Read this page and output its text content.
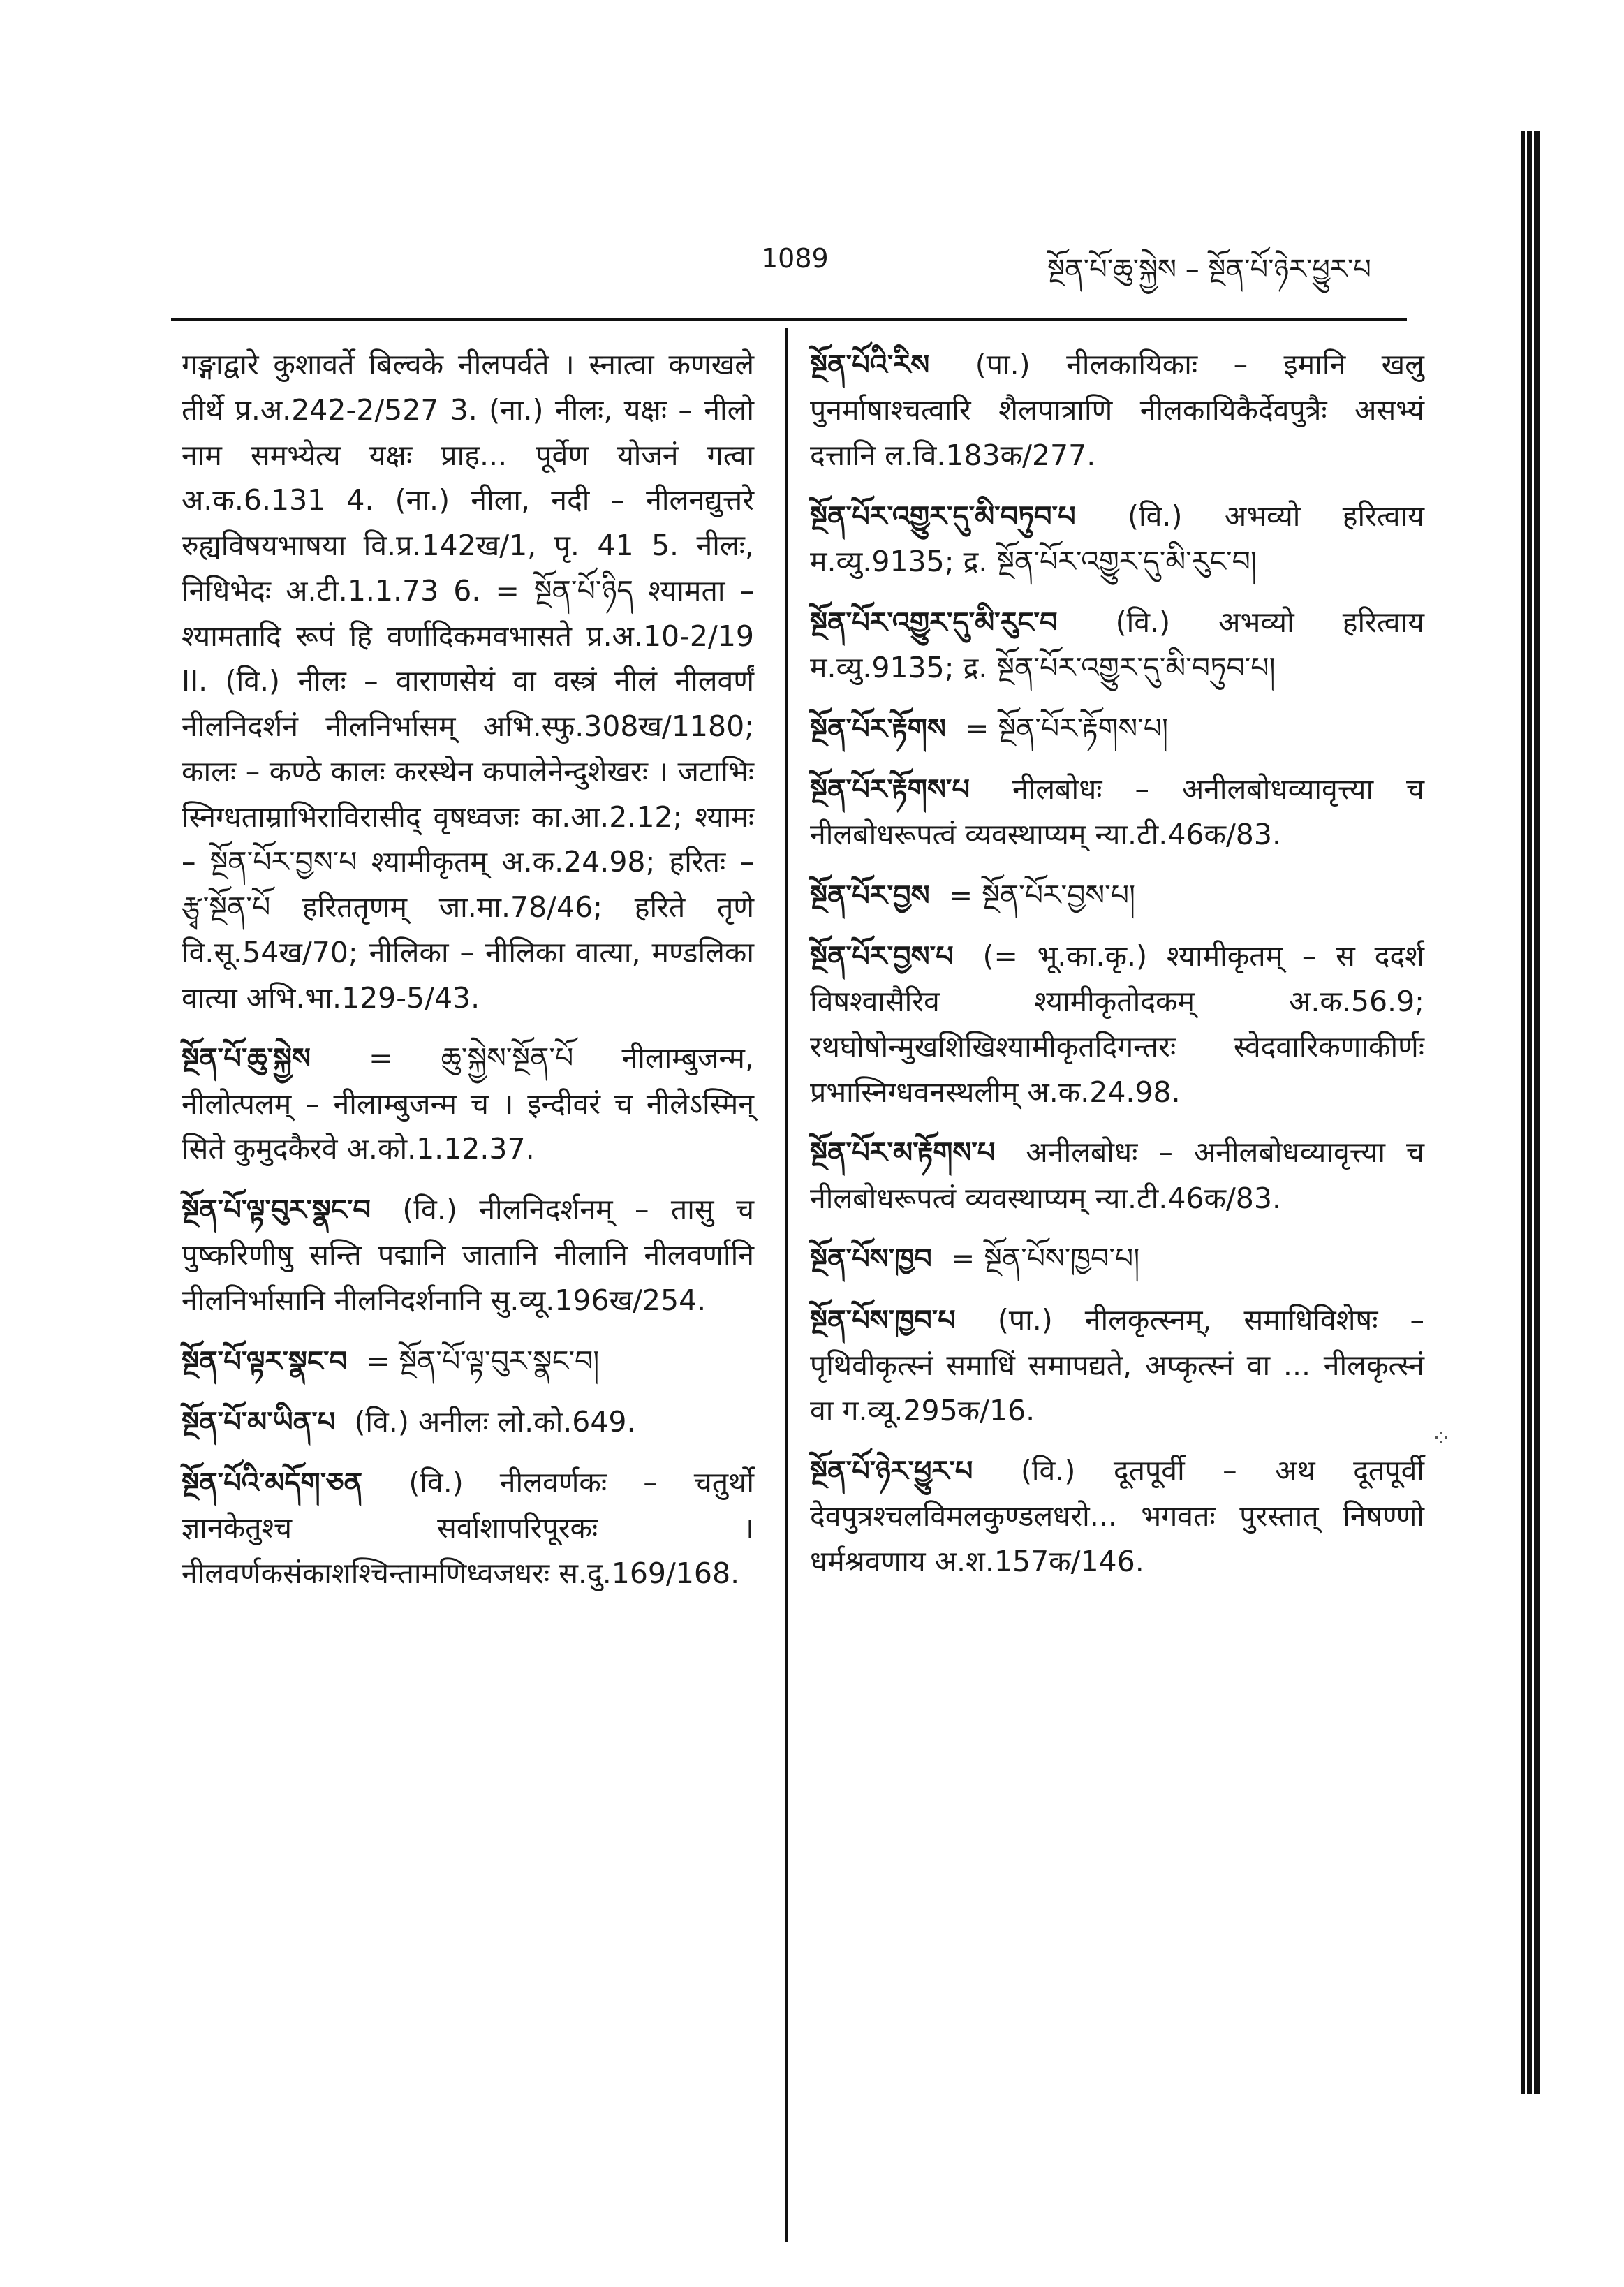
1089	སྔོན་པོ་ཆུ་སྐྱེས – སྔོན་པོ་ཉེར་ཕྱུར་པ
⁘
गङ्गाद्वारे कुशावर्ते बिल्वके नीलपर्वते । स्नात्वा कणखले तीर्थे प्र.अ.242-2/527 3. (ना.) नीलः, यक्षः – नीलो नाम समभ्येत्य यक्षः प्राह... पूर्वेण योजनं गत्वा अ.क.6.131 4. (ना.) नीला, नदी – नीलनद्युत्तरे रुह्यविषयभाषया वि.प्र.142ख/1, पृ. 41 5. नीलः, निधिभेदः अ.टी.1.1.73 6. = སྔོན་པོ་ཉིད श्यामता – श्यामतादि रूपं हि वर्णादिकमवभासते प्र.अ.10-2/19 II. (वि.) नीलः – वाराणसेयं वा वस्त्रं नीलं नीलवर्णं नीलनिदर्शनं नीलनिर्भासम् अभि.स्फु.308ख/1180; कालः – कण्ठे कालः करस्थेन कपालेनेन्दुशेखरः । जटाभिः स्निग्धताम्राभिराविरासीद् वृषध्वजः का.आ.2.12; श्यामः – སྔོན་པོར་བྱས་པ श्यामीकृतम् अ.क.24.98; हरितः – རྩྭ་སྔོན་པོ हरिततृणम् जा.मा.78/46; हरिते तृणे वि.सू.54ख/70; नीलिका – नीलिका वात्या, मण्डलिका वात्या अभि.भा.129-5/43.
སྔོན་པོ་ཆུ་སྐྱེས = ཆུ་སྐྱེས་སྔོན་པོ नीलाम्बुजन्म, नीलोत्पलम् – नीलाम्बुजन्म च । इन्दीवरं च नीलेऽस्मिन् सिते कुमुदकैरवे अ.को.1.12.37.
སྔོན་པོ་ལྟ་བུར་སྣང་བ (वि.) नीलनिदर्शनम् – तासु च पुष्करिणीषु सन्ति पद्मानि जातानि नीलानि नीलवर्णानि नीलनिर्भासानि नीलनिदर्शनानि सु.व्यू.196ख/254.
སྔོན་པོ་ལྟར་སྣང་བ = སྔོན་པོ་ལྟ་བུར་སྣང་བ།
སྔོན་པོ་མ་ཡིན་པ (वि.) अनीलः लो.को.649.
སྔོན་པོའི་མདོག་ཅན (वि.) नीलवर्णकः – चतुर्थो ज्ञानकेतुश्च सर्वाशापरिपूरकः । नीलवर्णकसंकाशश्चिन्तामणिध्वजधरः स.दु.169/168.
སྔོན་པོའི་རིས (पा.) नीलकायिकाः – इमानि खलु पुनर्माषाश्चत्वारि शैलपात्राणि नीलकायिकैर्देवपुत्रैः असभ्यं दत्तानि ल.वि.183क/277.
སྔོན་པོར་འགྱུར་དུ་མི་བཏུབ་པ (वि.) अभव्यो हरित्वाय म.व्यु.9135; द्र. སྔོན་པོར་འགྱུར་དུ་མི་རུང་བ།
སྔོན་པོར་འགྱུར་དུ་མི་རུང་བ (वि.) अभव्यो हरित्वाय म.व्यु.9135; द्र. སྔོན་པོར་འགྱུར་དུ་མི་བཏུབ་པ།
སྔོན་པོར་རྟོགས = སྔོན་པོར་རྟོགས་པ།
སྔོན་པོར་རྟོགས་པ नीलबोधः – अनीलबोधव्यावृत्त्या च नीलबोधरूपत्वं व्यवस्थाप्यम् न्या.टी.46क/83.
སྔོན་པོར་བྱས = སྔོན་པོར་བྱས་པ།
སྔོན་པོར་བྱས་པ (= भू.का.कृ.) श्यामीकृतम् – स ददर्श विषश्वासैरिव श्यामीकृतोदकम् अ.क.56.9; रथघोषोन्मुखशिखिश्यामीकृतदिगन्तरः स्वेदवारिकणाकीर्णः प्रभास्निग्धवनस्थलीम् अ.क.24.98.
སྔོན་པོར་མ་རྟོགས་པ अनीलबोधः – अनीलबोधव्यावृत्त्या च नीलबोधरूपत्वं व्यवस्थाप्यम् न्या.टी.46क/83.
སྔོན་པོས་ཁྱབ = སྔོན་པོས་ཁྱབ་པ།
སྔོན་པོས་ཁྱབ་པ (पा.) नीलकृत्स्नम्, समाधिविशेषः – पृथिवीकृत्स्नं समाधिं समापद्यते, अप्कृत्स्नं वा ... नीलकृत्स्नं वा ग.व्यू.295क/16.
སྔོན་པོ་ཉེར་ཕྱུར་པ (वि.) दूतपूर्वी – अथ दूतपूर्वी देवपुत्रश्चलविमलकुण्डलधरो... भगवतः पुरस्तात् निषण्णो धर्मश्रवणाय अ.श.157क/146.
